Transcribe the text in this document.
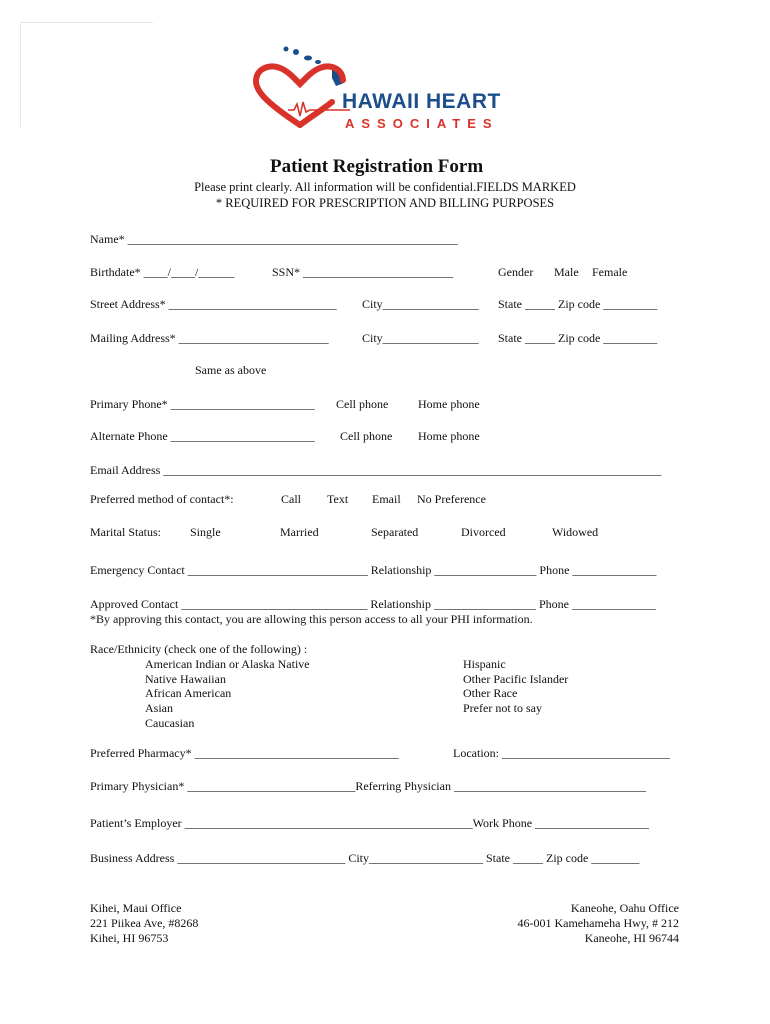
HAWAII HEART
ASSOCIATES
Patient Registration Form
Please print clearly. All information will be confidential.FIELDS MARKED
* REQUIRED FOR PRESCRIPTION AND BILLING PURPOSES
Name* _______________________________________________________
Birthdate* ____/____/______	SSN* _________________________	Gender Male Female
Street Address* ____________________________ City________________ State _____ Zip code _________
Mailing Address* _________________________	City________________ State _____ Zip code _________
Same as above
Primary Phone* ________________________ Cell phone Home phone
Alternate Phone ________________________ Cell phone Home phone
Email Address ___________________________________________________________________________________
Preferred method of contact*:	Call Text Email No Preference
Marital Status: Single	Married	Separated	Divorced	Widowed
Emergency Contact ______________________________ Relationship _________________ Phone ______________
Approved Contact _______________________________ Relationship _________________ Phone ______________
*By approving this contact, you are allowing this person access to all your PHI information.
Race/Ethnicity (check one of the following) :
American Indian or Alaska Native
Native Hawaiian
African American
Asian
Caucasian
Hispanic
Other Pacific Islander
Other Race
Prefer not to say
Preferred Pharmacy* __________________________________	Location: ____________________________
Primary Physician* ____________________________Referring Physician ________________________________
Patient’s Employer ________________________________________________Work Phone ___________________
Business Address ____________________________ City___________________ State _____ Zip code ________
Kihei, Maui Office
221 Piikea Ave, #8268
Kihei, HI 96753
Kaneohe, Oahu Office
46-001 Kamehameha Hwy, # 212
Kaneohe, HI 96744
